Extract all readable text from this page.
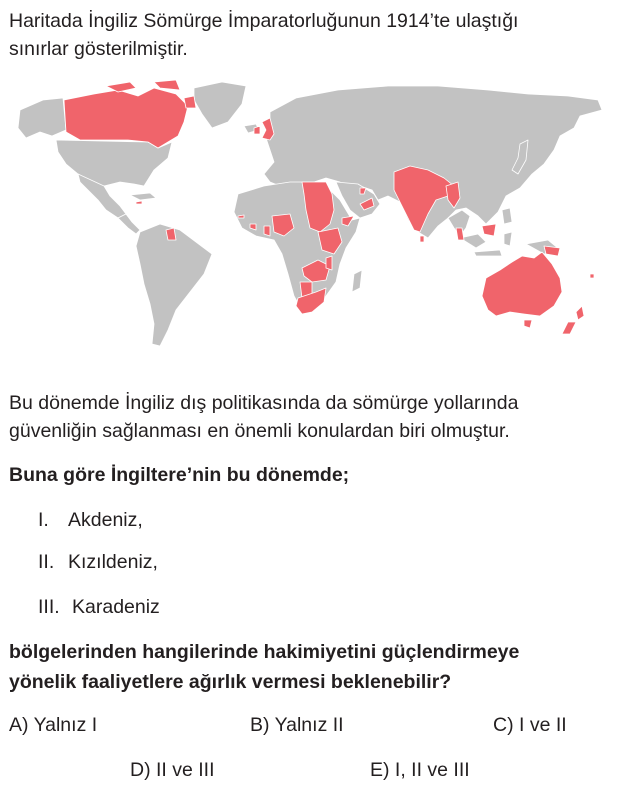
Haritada İngiliz Sömürge İmparatorluğunun 1914’te ulaştığı
sınırlar gösterilmiştir.
Bu dönemde İngiliz dış politikasında da sömürge yollarında
güvenliğin sağlanması en önemli konulardan biri olmuştur.
Buna göre İngiltere’nin bu dönemde;
I. Akdeniz,
II. Kızıldeniz,
III. Karadeniz
bölgelerinden hangilerinde hakimiyetini güçlendirmeye
yönelik faaliyetlere ağırlık vermesi beklenebilir?
A) Yalnız I	B) Yalnız II	C) I ve II
D) II ve III	E) I, II ve III
